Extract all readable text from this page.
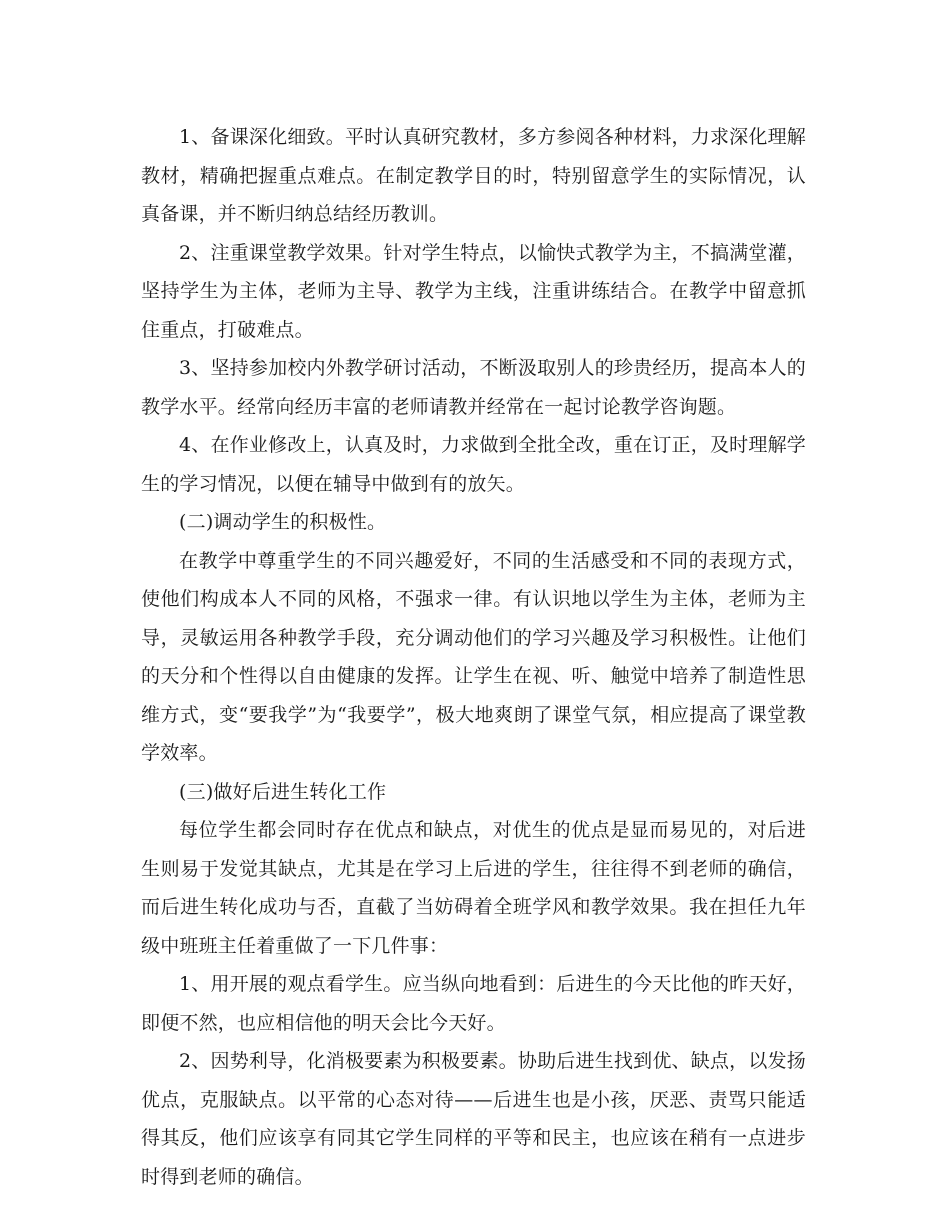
1、备课深化细致。平时认真研究教材，多方参阅各种材料，力求深化理解教材，精确把握重点难点。在制定教学目的时，特别留意学生的实际情况，认真备课，并不断归纳总结经历教训。

2、注重课堂教学效果。针对学生特点，以愉快式教学为主，不搞满堂灌，坚持学生为主体，老师为主导、教学为主线，注重讲练结合。在教学中留意抓住重点，打破难点。

3、坚持参加校内外教学研讨活动，不断汲取别人的珍贵经历，提高本人的教学水平。经常向经历丰富的老师请教并经常在一起讨论教学咨询题。

4、在作业修改上，认真及时，力求做到全批全改，重在订正，及时理解学生的学习情况，以便在辅导中做到有的放矢。

(二)调动学生的积极性。

在教学中尊重学生的不同兴趣爱好，不同的生活感受和不同的表现方式，使他们构成本人不同的风格，不强求一律。有认识地以学生为主体，老师为主导，灵敏运用各种教学手段，充分调动他们的学习兴趣及学习积极性。让他们的天分和个性得以自由健康的发挥。让学生在视、听、触觉中培养了制造性思维方式，变“要我学”为“我要学”，极大地爽朗了课堂气氛，相应提高了课堂教学效率。

(三)做好后进生转化工作

每位学生都会同时存在优点和缺点，对优生的优点是显而易见的，对后进生则易于发觉其缺点，尤其是在学习上后进的学生，往往得不到老师的确信，而后进生转化成功与否，直截了当妨碍着全班学风和教学效果。我在担任九年级中班班主任着重做了一下几件事：

1、用开展的观点看学生。应当纵向地看到：后进生的今天比他的昨天好，即便不然，也应相信他的明天会比今天好。

2、因势利导，化消极要素为积极要素。协助后进生找到优、缺点，以发扬优点，克服缺点。以平常的心态对待——后进生也是小孩，厌恶、责骂只能适得其反，他们应该享有同其它学生同样的平等和民主，也应该在稍有一点进步时得到老师的确信。
